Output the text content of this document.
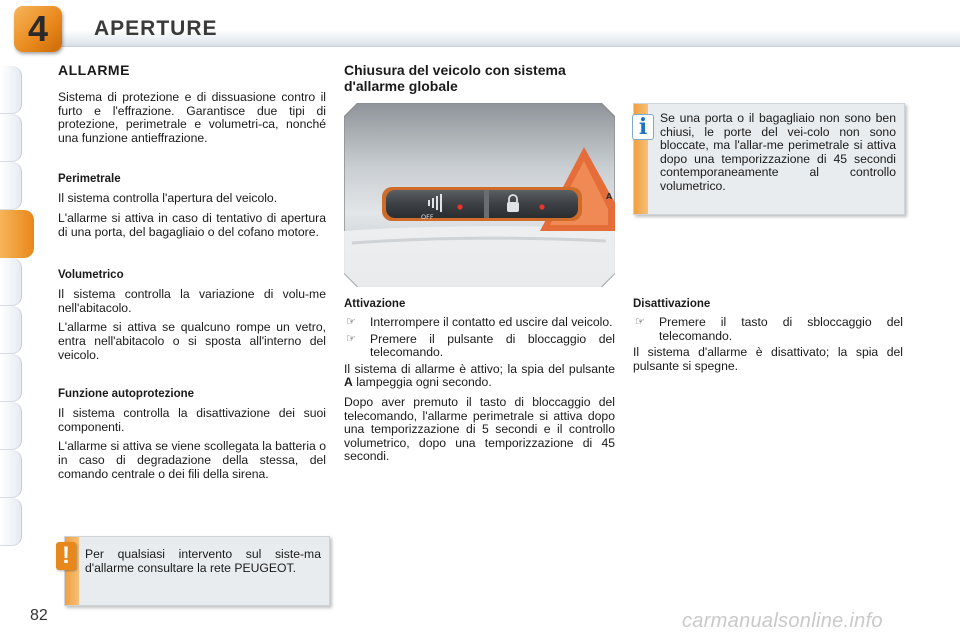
4	APERTURE
ALLARME

Sistema di protezione e di dissuasione contro il furto e l'effrazione. Garantisce due tipi di protezione, perimetrale e volumetri-ca, nonché una funzione antieffrazione.

Perimetrale

Il sistema controlla l'apertura del veicolo.

L'allarme si attiva in caso di tentativo di apertura di una porta, del bagagliaio o del cofano motore.

Volumetrico

Il sistema controlla la variazione di volu-me nell'abitacolo.

L'allarme si attiva se qualcuno rompe un vetro, entra nell'abitacolo o si sposta all'interno del veicolo.

Funzione autoprotezione

Il sistema controlla la disattivazione dei suoi componenti.

L'allarme si attiva se viene scollegata la batteria o in caso di degradazione della stessa, del comando centrale o dei fili della sirena.

Per qualsiasi intervento sul siste-ma d'allarme consultare la rete PEUGEOT.
!
Chiusura del veicolo con sistema d'allarme globale
OFF
A
Attivazione
☞	Interrompere il contatto ed uscire dal veicolo.
☞	Premere il pulsante di bloccaggio del telecomando.

Il sistema di allarme è attivo; la spia del pulsante A lampeggia ogni secondo.

Dopo aver premuto il tasto di bloccaggio del telecomando, l'allarme perimetrale si attiva dopo una temporizzazione di 5 secondi e il controllo volumetrico, dopo una temporizzazione di 45 secondi.

Se una porta o il bagagliaio non sono ben chiusi, le porte del vei-colo non sono bloccate, ma l'allar-me perimetrale si attiva dopo una temporizzazione di 45 secondi contemporaneamente al controllo volumetrico.
i
Disattivazione
☞	Premere il tasto di sbloccaggio del telecomando.

Il sistema d'allarme è disattivato; la spia del pulsante si spegne.

82	carmanualsonline.info
